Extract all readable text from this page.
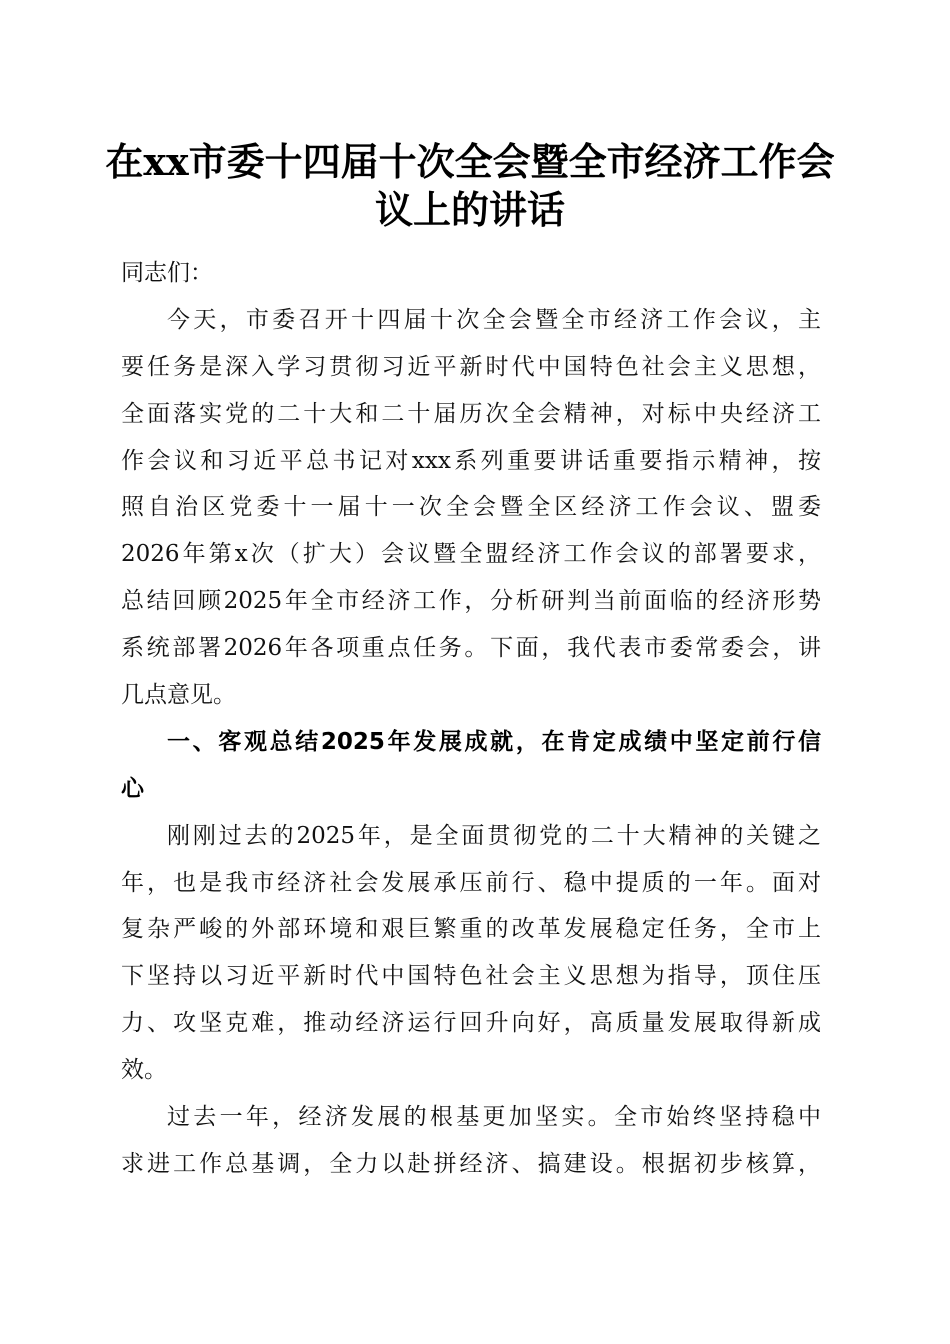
在xx市委十四届十次全会暨全市经济工作会
议上的讲话
同志们：
今天，市委召开十四届十次全会暨全市经济工作会议，主
要任务是深入学习贯彻习近平新时代中国特色社会主义思想，
全面落实党的二十大和二十届历次全会精神，对标中央经济工
作会议和习近平总书记对xxx系列重要讲话重要指示精神，按
照自治区党委十一届十一次全会暨全区经济工作会议、盟委
2026年第x次（扩大）会议暨全盟经济工作会议的部署要求，
总结回顾2025年全市经济工作，分析研判当前面临的经济形势
系统部署2026年各项重点任务。下面，我代表市委常委会，讲
几点意见。
一、客观总结2025年发展成就，在肯定成绩中坚定前行信
心
刚刚过去的2025年，是全面贯彻党的二十大精神的关键之
年，也是我市经济社会发展承压前行、稳中提质的一年。面对
复杂严峻的外部环境和艰巨繁重的改革发展稳定任务，全市上
下坚持以习近平新时代中国特色社会主义思想为指导，顶住压
力、攻坚克难，推动经济运行回升向好，高质量发展取得新成
效。
过去一年，经济发展的根基更加坚实。全市始终坚持稳中
求进工作总基调，全力以赴拼经济、搞建设。根据初步核算，
